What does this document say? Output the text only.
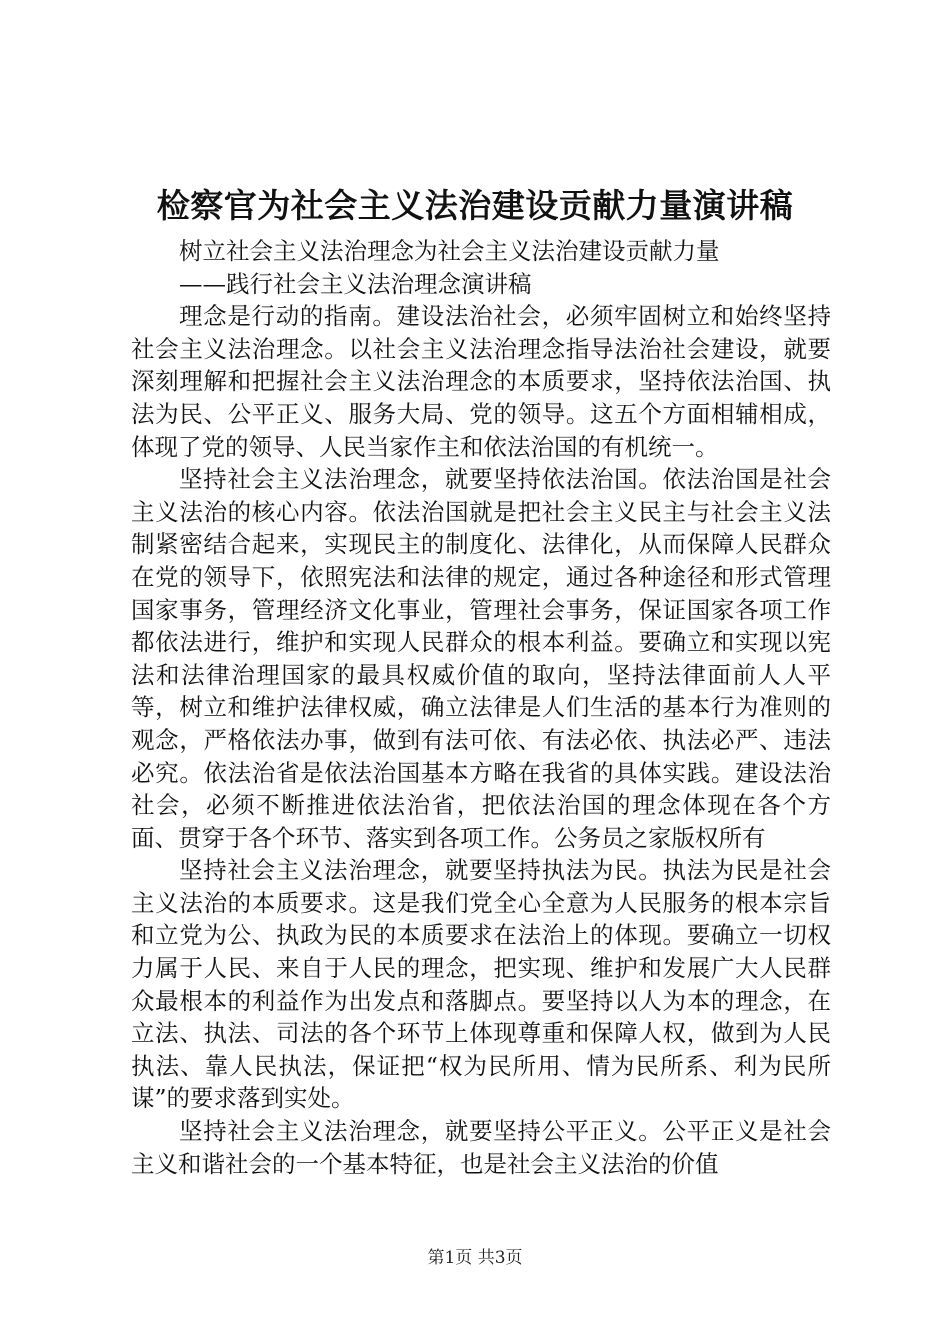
检察官为社会主义法治建设贡献力量演讲稿

树立社会主义法治理念为社会主义法治建设贡献力量

——践行社会主义法治理念演讲稿

理念是行动的指南。建设法治社会，必须牢固树立和始终坚持社会主义法治理念。以社会主义法治理念指导法治社会建设，就要深刻理解和把握社会主义法治理念的本质要求，坚持依法治国、执法为民、公平正义、服务大局、党的领导。这五个方面相辅相成，体现了党的领导、人民当家作主和依法治国的有机统一。

坚持社会主义法治理念，就要坚持依法治国。依法治国是社会主义法治的核心内容。依法治国就是把社会主义民主与社会主义法制紧密结合起来，实现民主的制度化、法律化，从而保障人民群众在党的领导下，依照宪法和法律的规定，通过各种途径和形式管理国家事务，管理经济文化事业，管理社会事务，保证国家各项工作都依法进行，维护和实现人民群众的根本利益。要确立和实现以宪法和法律治理国家的最具权威价值的取向，坚持法律面前人人平等，树立和维护法律权威，确立法律是人们生活的基本行为准则的观念，严格依法办事，做到有法可依、有法必依、执法必严、违法必究。依法治省是依法治国基本方略在我省的具体实践。建设法治社会，必须不断推进依法治省，把依法治国的理念体现在各个方面、贯穿于各个环节、落实到各项工作。公务员之家版权所有

坚持社会主义法治理念，就要坚持执法为民。执法为民是社会主义法治的本质要求。这是我们党全心全意为人民服务的根本宗旨和立党为公、执政为民的本质要求在法治上的体现。要确立一切权力属于人民、来自于人民的理念，把实现、维护和发展广大人民群众最根本的利益作为出发点和落脚点。要坚持以人为本的理念，在立法、执法、司法的各个环节上体现尊重和保障人权，做到为人民执法、靠人民执法，保证把“权为民所用、情为民所系、利为民所谋”的要求落到实处。

坚持社会主义法治理念，就要坚持公平正义。公平正义是社会主义和谐社会的一个基本特征，也是社会主义法治的价值

第1页 共3页
